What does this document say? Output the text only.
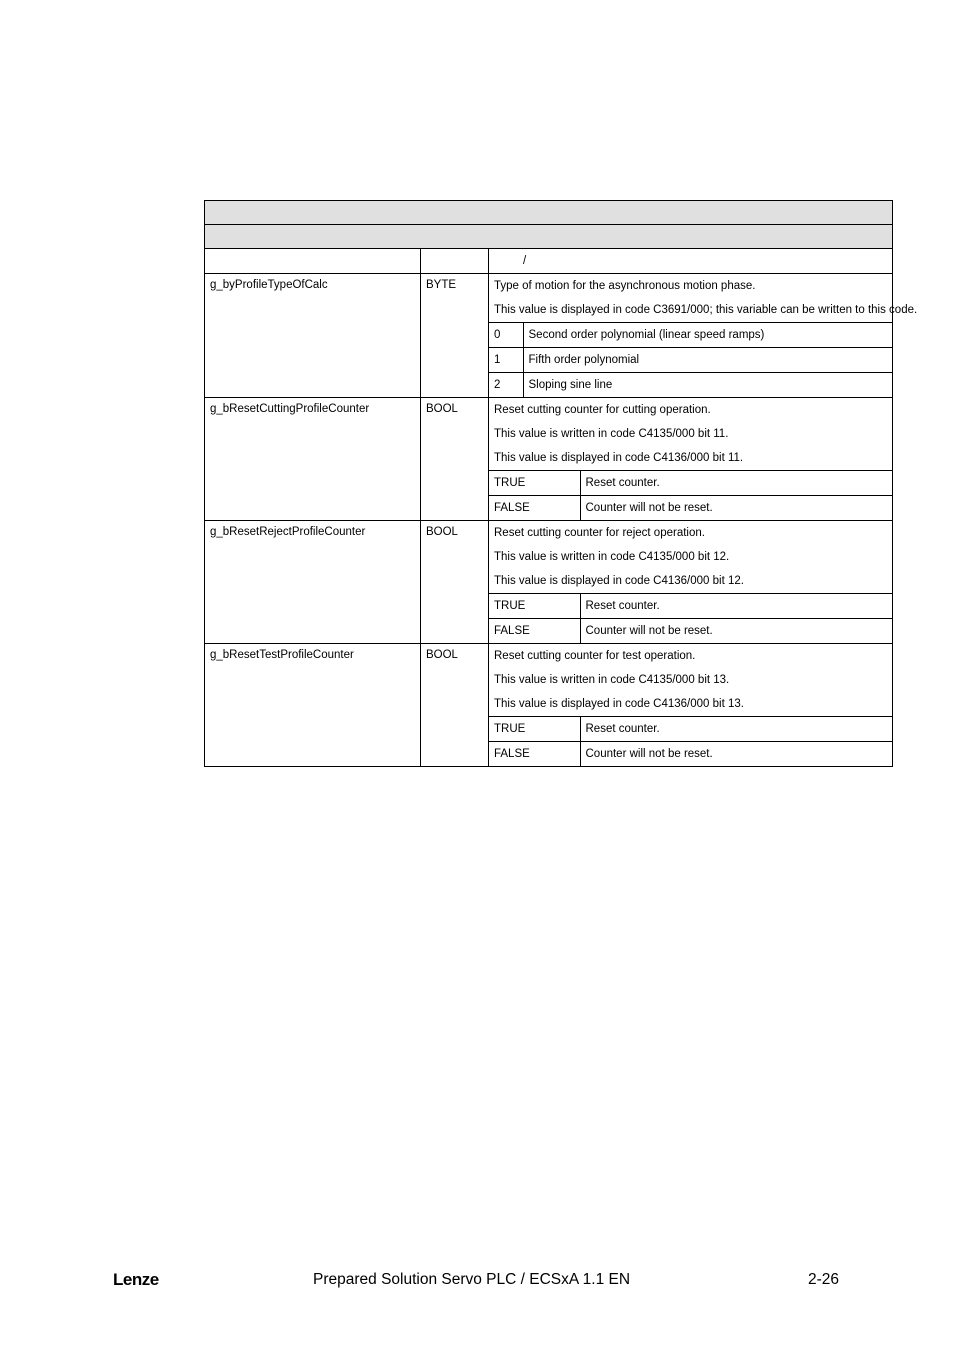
		/
g_byProfileTypeOfCalc	BYTE	Type of motion for the asynchronous motion phase.
This value is displayed in code C3691/000; this variable can be written to this code.
0	Second order polynomial (linear speed ramps)
1	Fifth order polynomial
2	Sloping sine line

g_bResetCuttingProfileCounter	BOOL	Reset cutting counter for cutting operation.
This value is written in code C4135/000 bit 11.
This value is displayed in code C4136/000 bit 11.
TRUE	Reset counter.
FALSE	Counter will not be reset.

g_bResetRejectProfileCounter	BOOL	Reset cutting counter for reject operation.
This value is written in code C4135/000 bit 12.
This value is displayed in code C4136/000 bit 12.
TRUE	Reset counter.
FALSE	Counter will not be reset.

g_bResetTestProfileCounter	BOOL	Reset cutting counter for test operation.
This value is written in code C4135/000 bit 13.
This value is displayed in code C4136/000 bit 13.
TRUE	Reset counter.
FALSE	Counter will not be reset.
Lenze	Prepared Solution Servo PLC / ECSxA 1.1 EN	2-26
